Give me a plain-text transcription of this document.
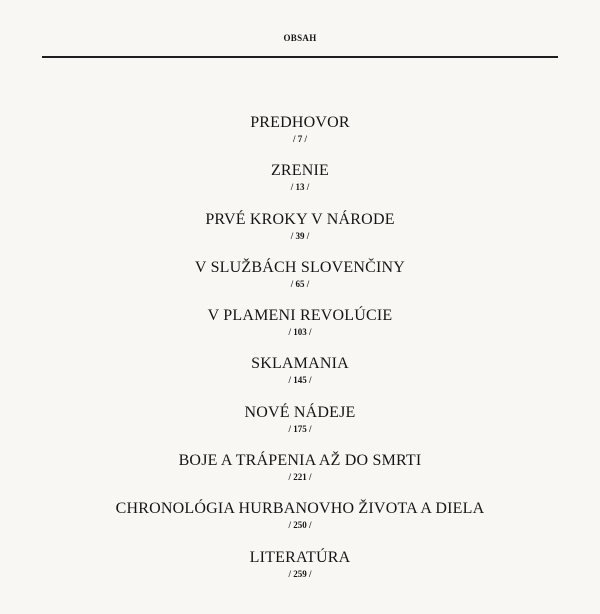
OBSAH
PREDHOVOR
/ 7 /
ZRENIE
/ 13 /
PRVÉ KROKY V NÁRODE
/ 39 /
V SLUŽBÁCH SLOVENČINY
/ 65 /
V PLAMENI REVOLÚCIE
/ 103 /
SKLAMANIA
/ 145 /
NOVÉ NÁDEJE
/ 175 /
BOJE A TRÁPENIA AŽ DO SMRTI
/ 221 /
CHRONOLÓGIA HURBANOVHO ŽIVOTA A DIELA
/ 250 /
LITERATÚRA
/ 259 /
